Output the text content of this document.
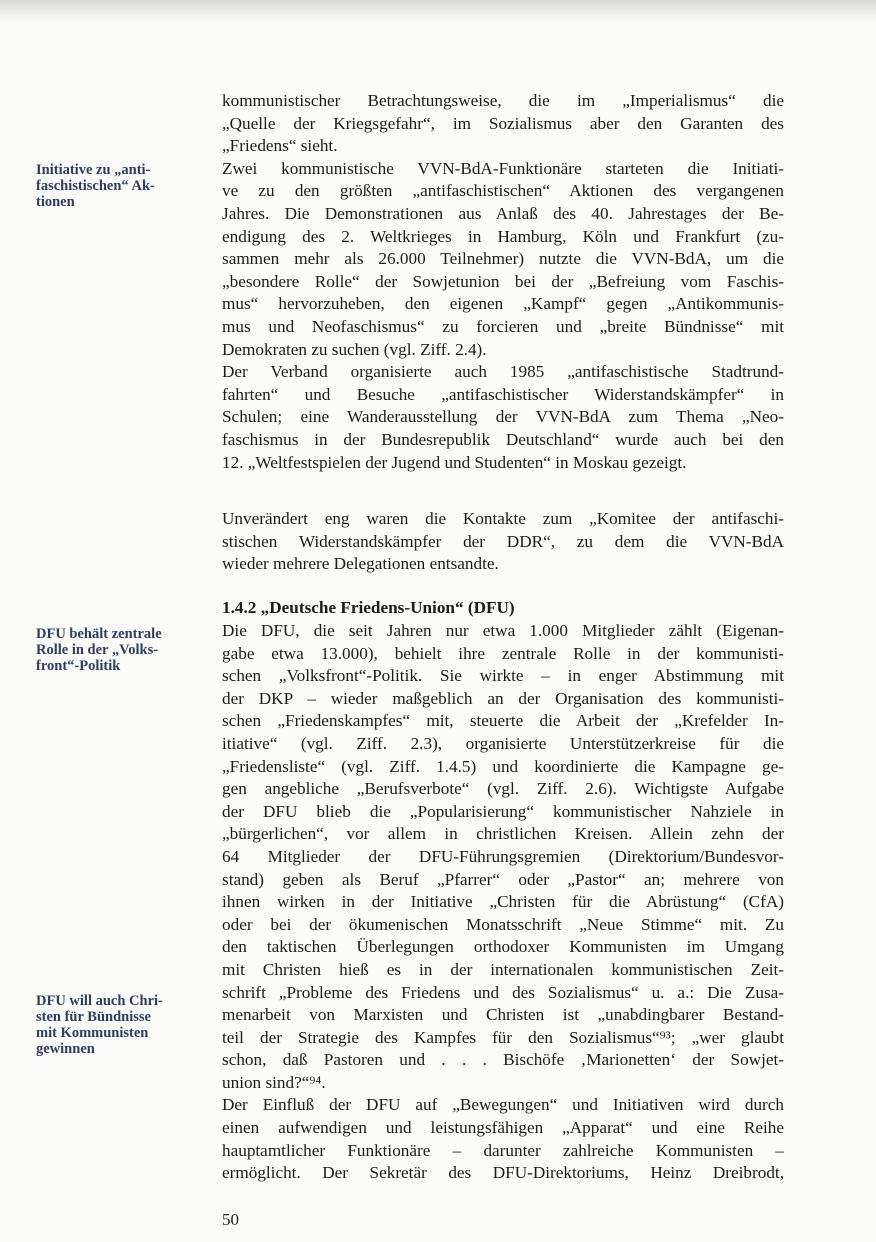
Initiative zu „anti-
faschistischen“ Ak-
tionen
DFU behält zentrale
Rolle in der „Volks-
front“-Politik
DFU will auch Chri-
sten für Bündnisse
mit Kommunisten
gewinnen
kommunistischer Betrachtungsweise, die im „Imperialismus“ die
„Quelle der Kriegsgefahr“, im Sozialismus aber den Garanten des
„Friedens“ sieht.
Zwei kommunistische VVN-BdA-Funktionäre starteten die Initiati-
ve zu den größten „antifaschistischen“ Aktionen des vergangenen
Jahres. Die Demonstrationen aus Anlaß des 40. Jahrestages der Be-
endigung des 2. Weltkrieges in Hamburg, Köln und Frankfurt (zu-
sammen mehr als 26.000 Teilnehmer) nutzte die VVN-BdA, um die
„besondere Rolle“ der Sowjetunion bei der „Befreiung vom Faschis-
mus“ hervorzuheben, den eigenen „Kampf“ gegen „Antikommunis-
mus und Neofaschismus“ zu forcieren und „breite Bündnisse“ mit
Demokraten zu suchen (vgl. Ziff. 2.4).
Der Verband organisierte auch 1985 „antifaschistische Stadtrund-
fahrten“ und Besuche „antifaschistischer Widerstandskämpfer“ in
Schulen; eine Wanderausstellung der VVN-BdA zum Thema „Neo-
faschismus in der Bundesrepublik Deutschland“ wurde auch bei den
12. „Weltfestspielen der Jugend und Studenten“ in Moskau gezeigt.
Unverändert eng waren die Kontakte zum „Komitee der antifaschi-
stischen Widerstandskämpfer der DDR“, zu dem die VVN-BdA
wieder mehrere Delegationen entsandte.
1.4.2 „Deutsche Friedens-Union“ (DFU)
Die DFU, die seit Jahren nur etwa 1.000 Mitglieder zählt (Eigenan-
gabe etwa 13.000), behielt ihre zentrale Rolle in der kommunisti-
schen „Volksfront“-Politik. Sie wirkte – in enger Abstimmung mit
der DKP – wieder maßgeblich an der Organisation des kommunisti-
schen „Friedenskampfes“ mit, steuerte die Arbeit der „Krefelder In-
itiative“ (vgl. Ziff. 2.3), organisierte Unterstützerkreise für die
„Friedensliste“ (vgl. Ziff. 1.4.5) und koordinierte die Kampagne ge-
gen angebliche „Berufsverbote“ (vgl. Ziff. 2.6). Wichtigste Aufgabe
der DFU blieb die „Popularisierung“ kommunistischer Nahziele in
„bürgerlichen“, vor allem in christlichen Kreisen. Allein zehn der
64 Mitglieder der DFU-Führungsgremien (Direktorium/Bundesvor-
stand) geben als Beruf „Pfarrer“ oder „Pastor“ an; mehrere von
ihnen wirken in der Initiative „Christen für die Abrüstung“ (CfA)
oder bei der ökumenischen Monatsschrift „Neue Stimme“ mit. Zu
den taktischen Überlegungen orthodoxer Kommunisten im Umgang
mit Christen hieß es in der internationalen kommunistischen Zeit-
schrift „Probleme des Friedens und des Sozialismus“ u. a.: Die Zusa-
menarbeit von Marxisten und Christen ist „unabdingbarer Bestand-
teil der Strategie des Kampfes für den Sozialismus“⁹³; „wer glaubt
schon, daß Pastoren und . . . Bischöfe ‚Marionetten‘ der Sowjet-
union sind?“⁹⁴.
Der Einfluß der DFU auf „Bewegungen“ und Initiativen wird durch
einen aufwendigen und leistungsfähigen „Apparat“ und eine Reihe
hauptamtlicher Funktionäre – darunter zahlreiche Kommunisten –
ermöglicht. Der Sekretär des DFU-Direktoriums, Heinz Dreibrodt,
50
